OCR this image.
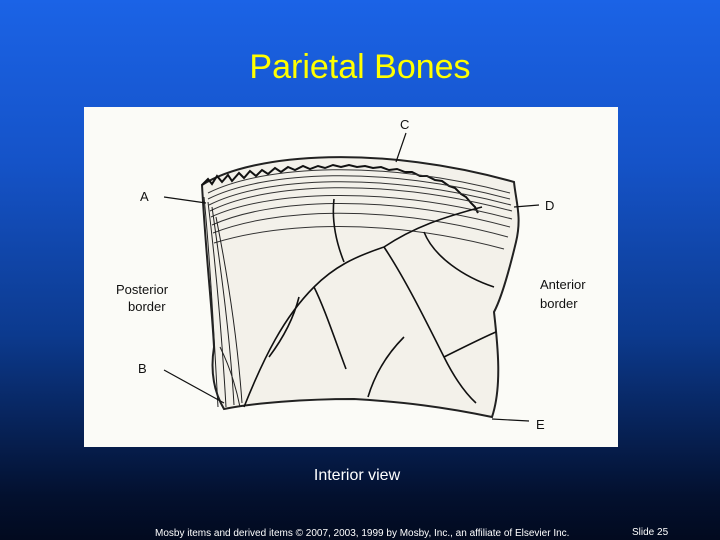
Parietal Bones
C
A
D
Posterior
border
Anterior
border
B
E
Interior view
Mosby items and derived items © 2007, 2003, 1999 by Mosby, Inc., an affiliate of Elsevier Inc.	Slide 25
